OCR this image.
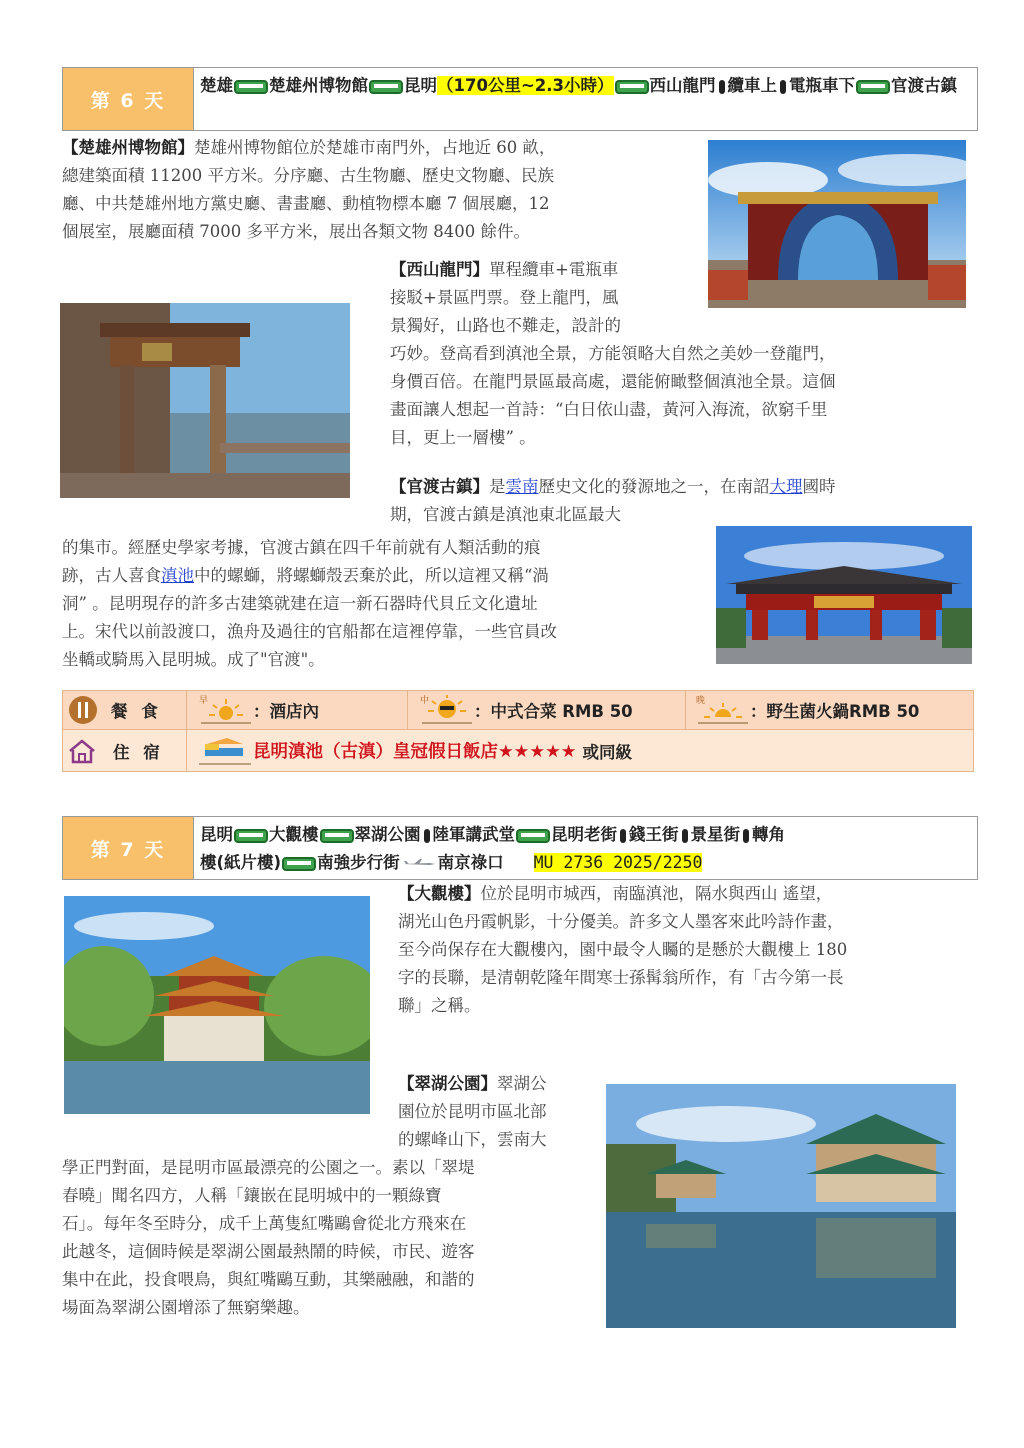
第 6 天
楚雄 楚雄州博物館 昆明（170公里~2.3小時） 西山龍門 纜車上 電瓶車下 官渡古鎮

【楚雄州博物館】楚雄州博物館位於楚雄市南門外，占地近 60 畝，
總建築面積 11200 平方米。分序廳、古生物廳、歷史文物廳、民族
廳、中共楚雄州地方黨史廳、書畫廳、動植物標本廳 7 個展廳，12
個展室，展廳面積 7000 多平方米，展出各類文物 8400 餘件。

【西山龍門】單程纜車+電瓶車
接駁+景區門票。登上龍門，風
景獨好，山路也不難走，設計的
巧妙。登高看到滇池全景，方能領略大自然之美妙一登龍門，
身價百倍。在龍門景區最高處，還能俯瞰整個滇池全景。這個
畫面讓人想起一首詩：“白日依山盡，黃河入海流，欲窮千里
目，更上一層樓” 。

【官渡古鎮】是雲南歷史文化的發源地之一，在南詔大理國時
期，官渡古鎮是滇池東北區最大

的集市。經歷史學家考據，官渡古鎮在四千年前就有人類活動的痕
跡，古人喜食滇池中的螺螄，將螺螄殼丟棄於此，所以這裡又稱“渦
洞” 。昆明現存的許多古建築就建在這一新石器時代貝丘文化遺址
上。宋代以前設渡口，漁舟及過往的官船都在這裡停靠，一些官員改
坐轎或騎馬入昆明城。成了"官渡"。

餐 食
早
：酒店內
中
：中式合菜 RMB 50
晚
：野生菌火鍋RMB 50
住 宿	昆明滇池（古滇）皇冠假日飯店★★★★★ 或同級
第 7 天
昆明 大觀樓 翠湖公園 陸軍講武堂 昆明老街 錢王街 景星街 轉角
樓(紙片樓) 南強步行街 南京祿口 MU 2736 2025/2250

【大觀樓】位於昆明市城西，南臨滇池，隔水與西山 遙望，
湖光山色丹霞帆影，十分優美。許多文人墨客來此吟詩作畫，
至今尚保存在大觀樓內，園中最令人矚的是懸於大觀樓上 180
字的長聯，是清朝乾隆年間寒士孫髯翁所作，有「古今第一長
聯」之稱。

【翠湖公園】翠湖公
園位於昆明市區北部
的螺峰山下，雲南大

學正門對面，是昆明市區最漂亮的公園之一。素以「翠堤
春曉」聞名四方，人稱「鑲嵌在昆明城中的一顆綠寶
石」。每年冬至時分，成千上萬隻紅嘴鷗會從北方飛來在
此越冬，這個時候是翠湖公園最熱鬧的時候，市民、遊客
集中在此，投食喂鳥，與紅嘴鷗互動，其樂融融，和諧的
場面為翠湖公園增添了無窮樂趣。
